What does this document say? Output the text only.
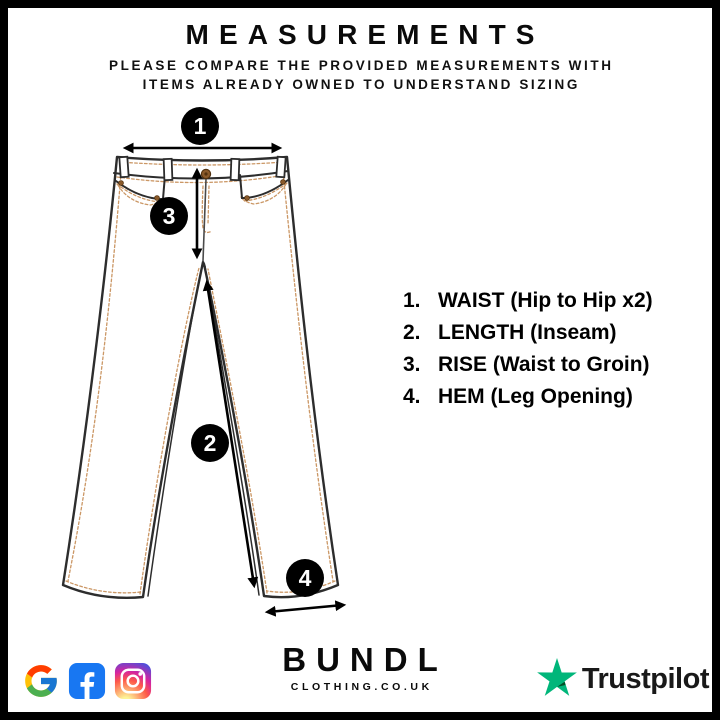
MEASUREMENTS

PLEASE COMPARE THE PROVIDED MEASUREMENTS WITH

ITEMS ALREADY OWNED TO UNDERSTAND SIZING

1
2
3
4
1. WAIST (Hip to Hip x2)
2. LENGTH (Inseam)
3. RISE (Waist to Groin)
4. HEM (Leg Opening)
BUNDL
CLOTHING.CO.UK	Trustpilot
